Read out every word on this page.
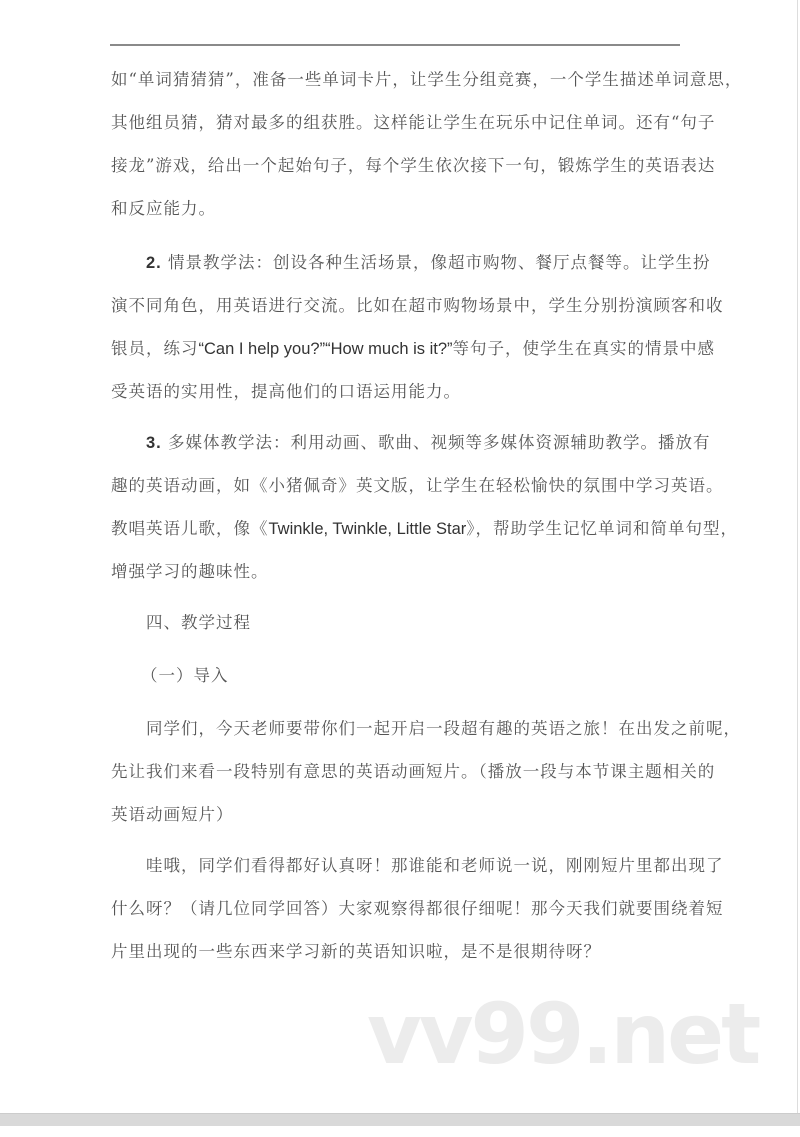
如“单词猜猜猜”，准备一些单词卡片，让学生分组竞赛，一个学生描述单词意思，
其他组员猜，猜对最多的组获胜。这样能让学生在玩乐中记住单词。还有“句子
接龙”游戏，给出一个起始句子，每个学生依次接下一句，锻炼学生的英语表达
和反应能力。
2. 情景教学法：创设各种生活场景，像超市购物、餐厅点餐等。让学生扮
演不同角色，用英语进行交流。比如在超市购物场景中，学生分别扮演顾客和收
银员，练习“Can I help you?”“How much is it?”等句子，使学生在真实的情景中感
受英语的实用性，提高他们的口语运用能力。
3. 多媒体教学法：利用动画、歌曲、视频等多媒体资源辅助教学。播放有
趣的英语动画，如《小猪佩奇》英文版，让学生在轻松愉快的氛围中学习英语。
教唱英语儿歌，像《Twinkle, Twinkle, Little Star》，帮助学生记忆单词和简单句型，
增强学习的趣味性。
四、教学过程
（一）导入
同学们，今天老师要带你们一起开启一段超有趣的英语之旅！在出发之前呢，
先让我们来看一段特别有意思的英语动画短片。（播放一段与本节课主题相关的
英语动画短片）
哇哦，同学们看得都好认真呀！那谁能和老师说一说，刚刚短片里都出现了
什么呀？（请几位同学回答）大家观察得都很仔细呢！那今天我们就要围绕着短
片里出现的一些东西来学习新的英语知识啦，是不是很期待呀？
vv99.net
